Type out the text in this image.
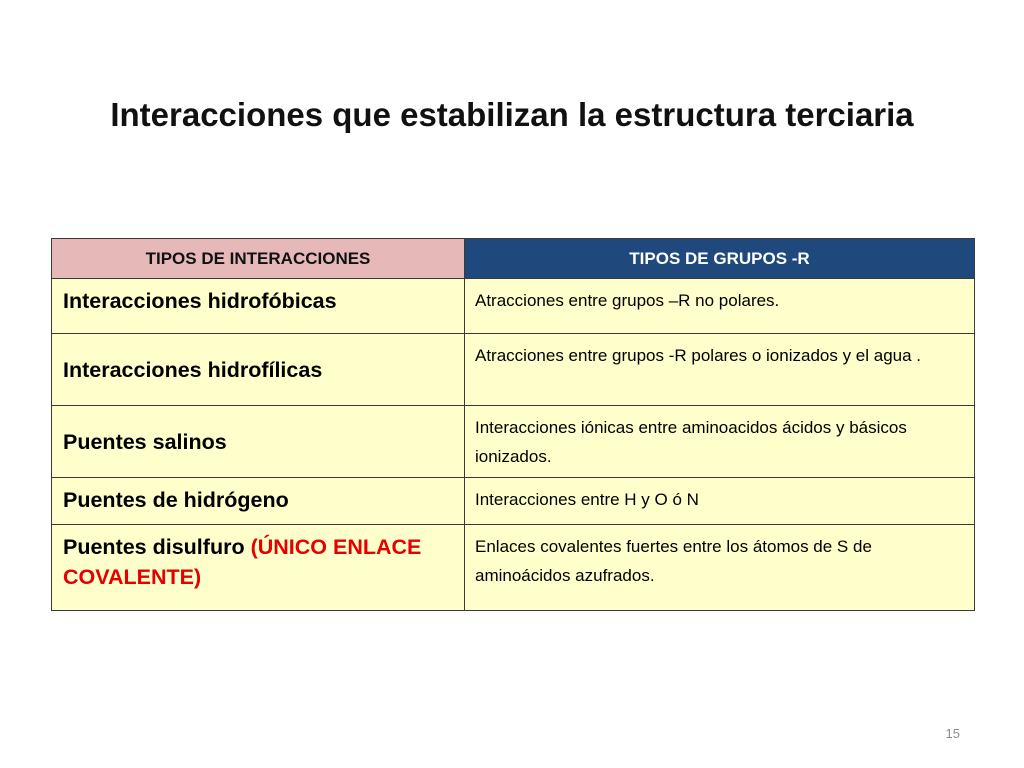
Interacciones que estabilizan la estructura terciaria
TIPOS DE INTERACCIONES	TIPOS DE GRUPOS -R
Interacciones hidrofóbicas	Atracciones entre grupos –R no polares.
Interacciones hidrofílicas	Atracciones entre grupos -R polares o ionizados y el agua .
Puentes salinos	Interacciones iónicas entre aminoacidos ácidos y básicos ionizados.
Puentes de hidrógeno	Interacciones entre H y O ó N
Puentes disulfuro (ÚNICO ENLACE COVALENTE)	Enlaces covalentes fuertes entre los átomos de S de aminoácidos azufrados.
15
